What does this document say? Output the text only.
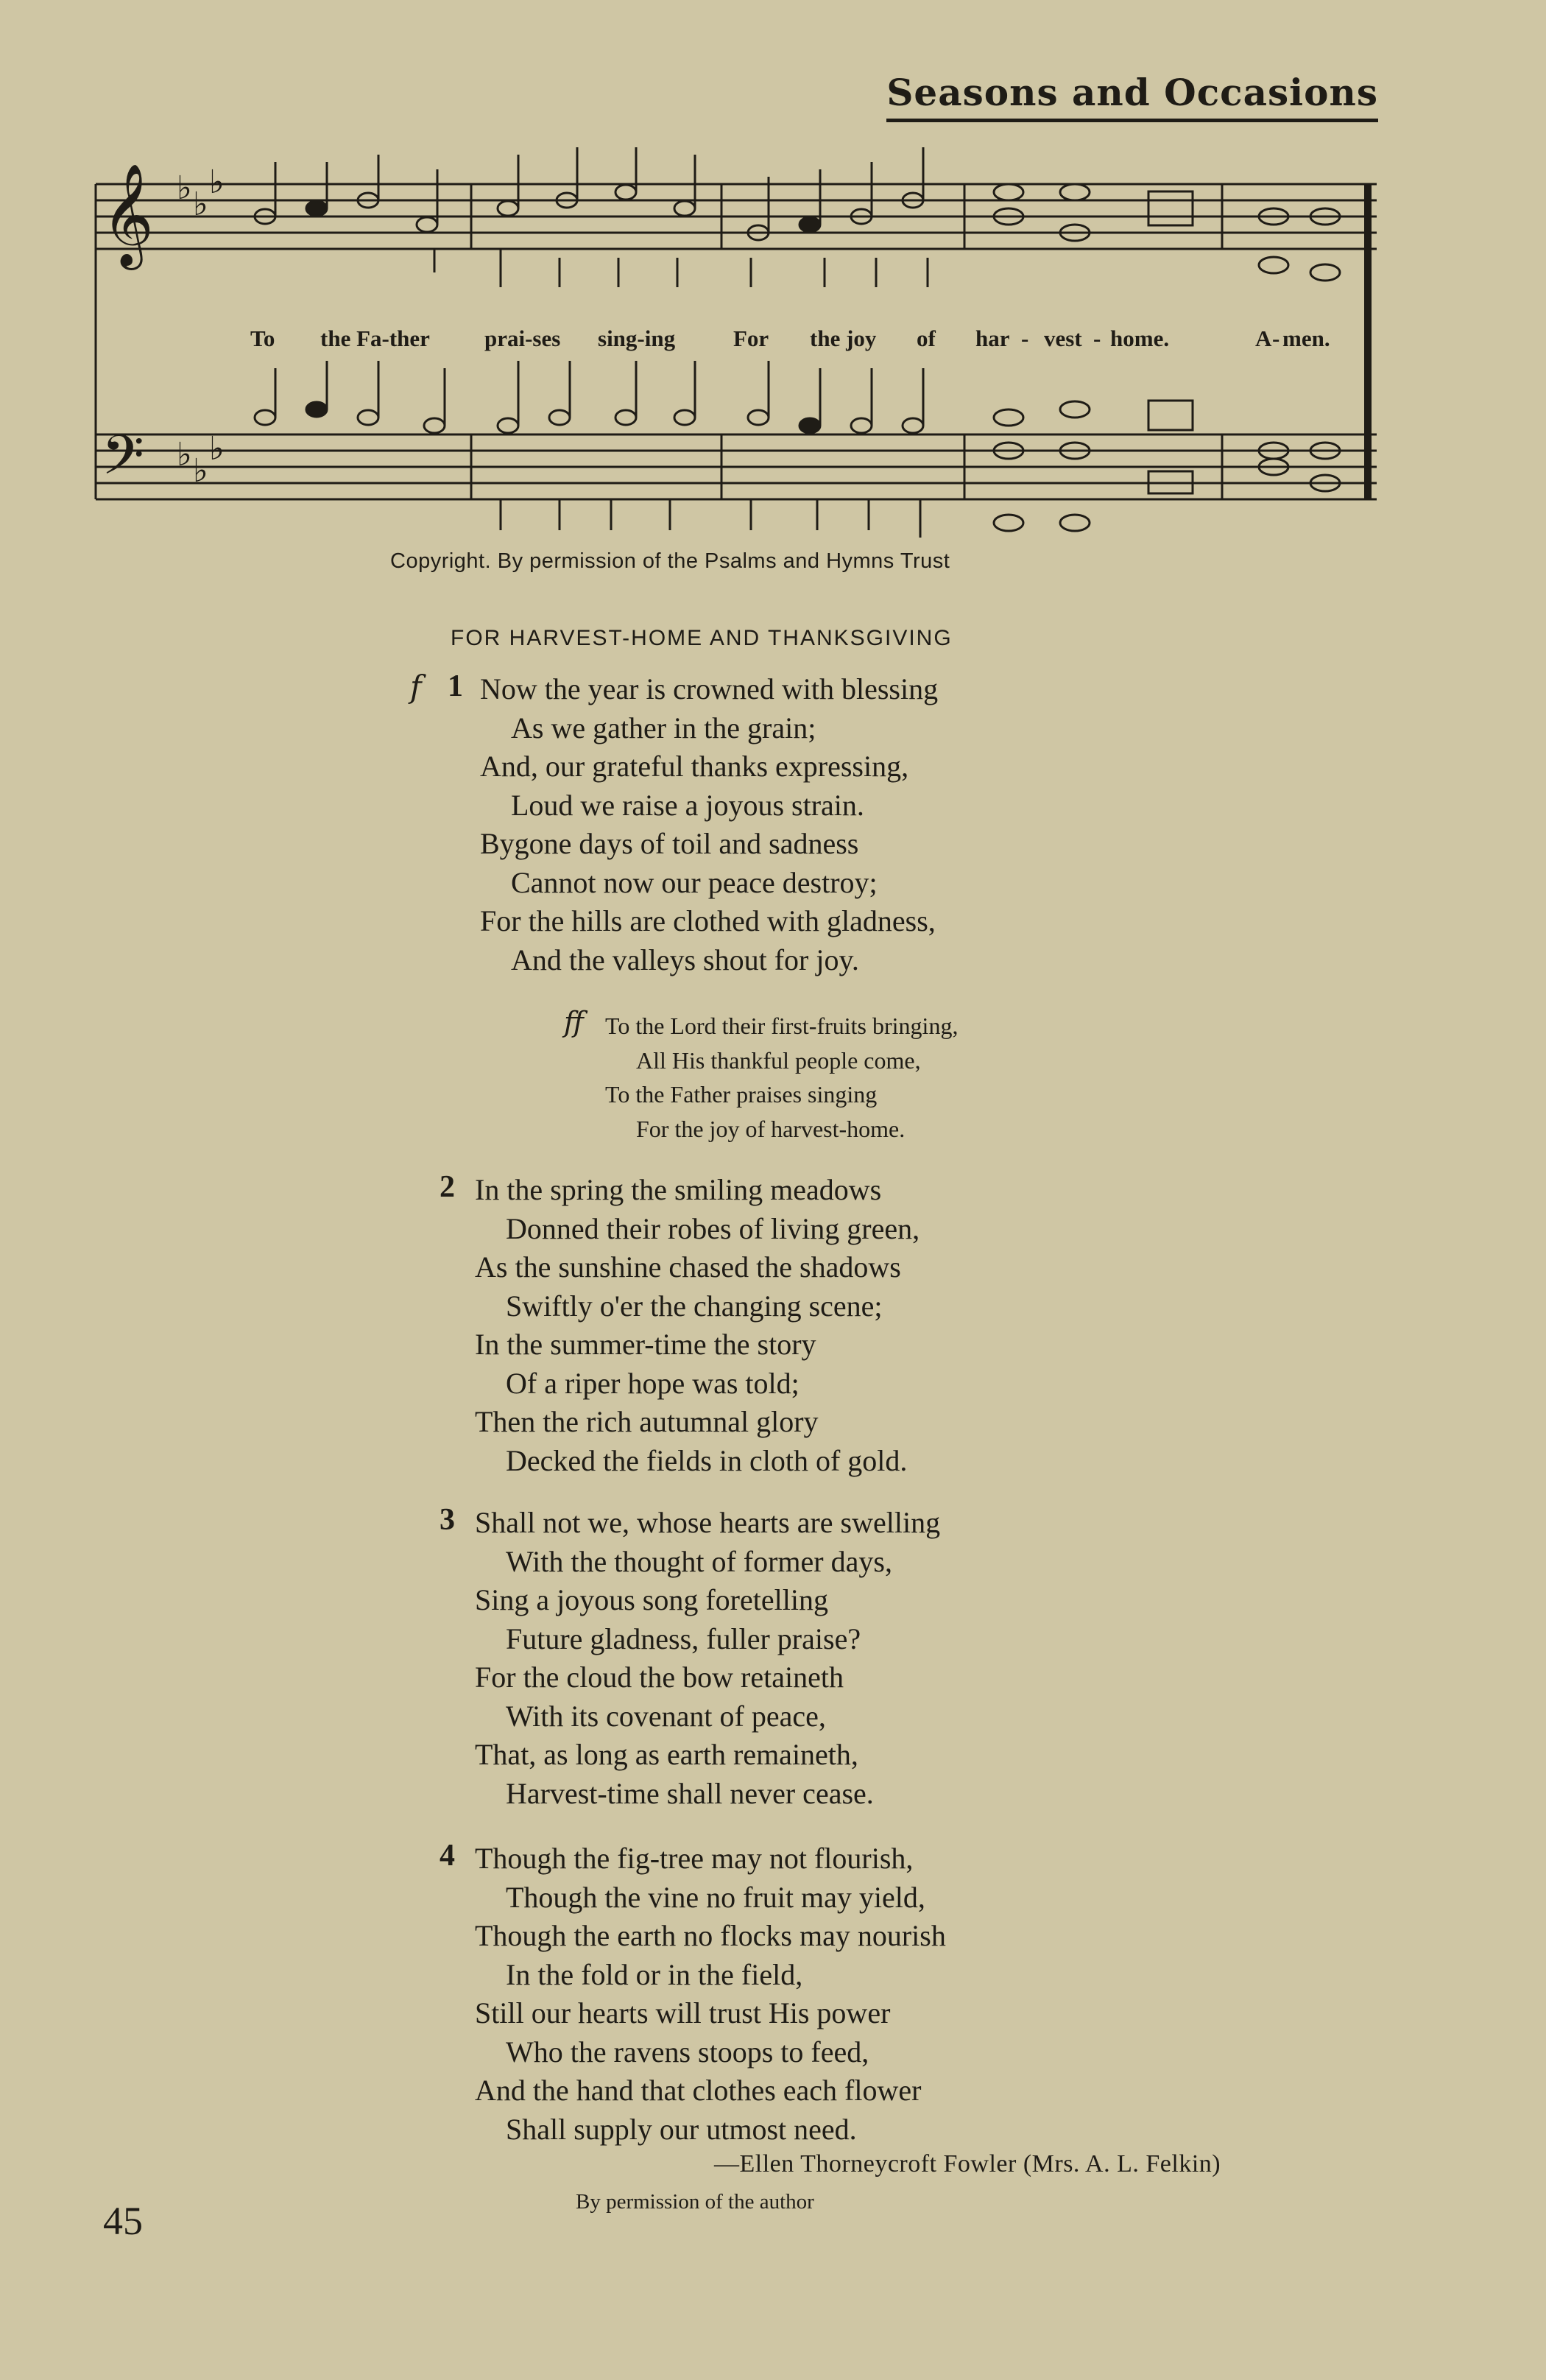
Seasons and Occasions
𝄞
𝄢
♭ ♭
♭
♭ ♭
♭
To the Fa-ther prai-ses sing-ing	For the joy of har - vest - home.	A - men.
Copyright. By permission of the Psalms and Hymns Trust
FOR HARVEST-HOME AND THANKSGIVING
f 1 Now the year is crowned with blessing
As we gather in the grain;
And, our grateful thanks expressing,
Loud we raise a joyous strain.
Bygone days of toil and sadness
Cannot now our peace destroy;
For the hills are clothed with gladness,
And the valleys shout for joy.
ff To the Lord their first-fruits bringing,
All His thankful people come,
To the Father praises singing
For the joy of harvest-home.
2 In the spring the smiling meadows
Donned their robes of living green,
As the sunshine chased the shadows
Swiftly o'er the changing scene;
In the summer-time the story
Of a riper hope was told;
Then the rich autumnal glory
Decked the fields in cloth of gold.
3 Shall not we, whose hearts are swelling
With the thought of former days,
Sing a joyous song foretelling
Future gladness, fuller praise?
For the cloud the bow retaineth
With its covenant of peace,
That, as long as earth remaineth,
Harvest-time shall never cease.
4 Though the fig-tree may not flourish,
Though the vine no fruit may yield,
Though the earth no flocks may nourish
In the fold or in the field,
Still our hearts will trust His power
Who the ravens stoops to feed,
And the hand that clothes each flower
Shall supply our utmost need.
—Ellen Thorneycroft Fowler (Mrs. A. L. Felkin)
By permission of the author
45
